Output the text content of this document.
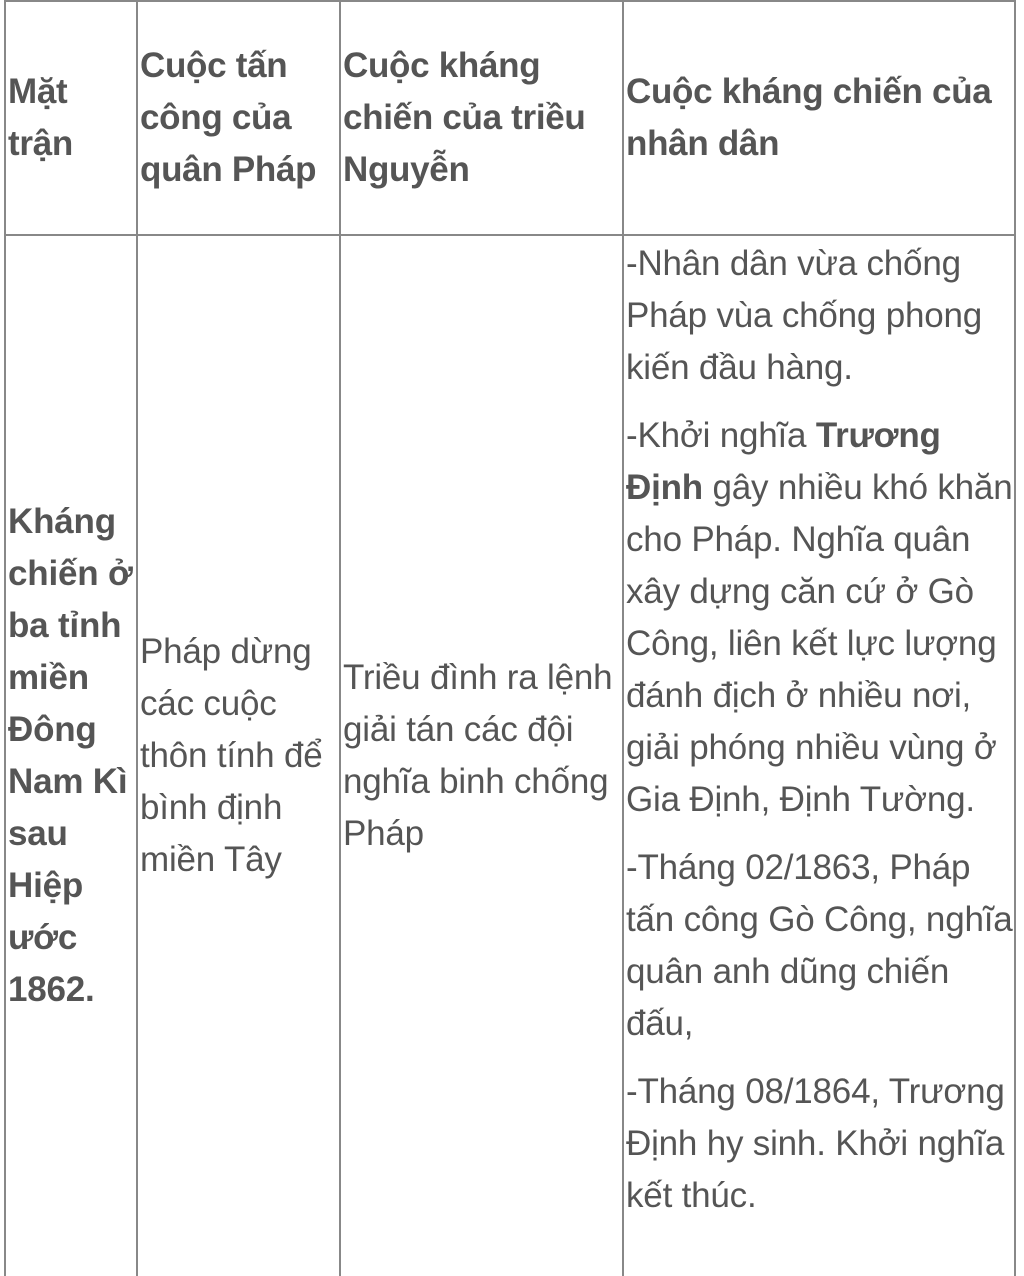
Mặt trận
Cuộc tấn công của quân Pháp
Cuộc kháng chiến của triều Nguyễn
Cuộc kháng chiến của nhân dân
Kháng chiến ở ba tỉnh miền Đông Nam Kì sau Hiệp ước 1862.
Pháp dừng các cuộc thôn tính để bình định miền Tây
Triều đình ra lệnh giải tán các đội nghĩa binh chống Pháp

-Nhân dân vừa chống Pháp vùa chống phong kiến đầu hàng.

-Khởi nghĩa Trương Định gây nhiều khó khăn cho Pháp. Nghĩa quân xây dựng căn cứ ở Gò Công, liên kết lực lượng đánh địch ở nhiều nơi, giải phóng nhiều vùng ở Gia Định, Định Tường.

-Tháng 02/1863, Pháp tấn công Gò Công, nghĩa quân anh dũng chiến đấu,

-Tháng 08/1864, Trương Định hy sinh. Khởi nghĩa kết thúc.
